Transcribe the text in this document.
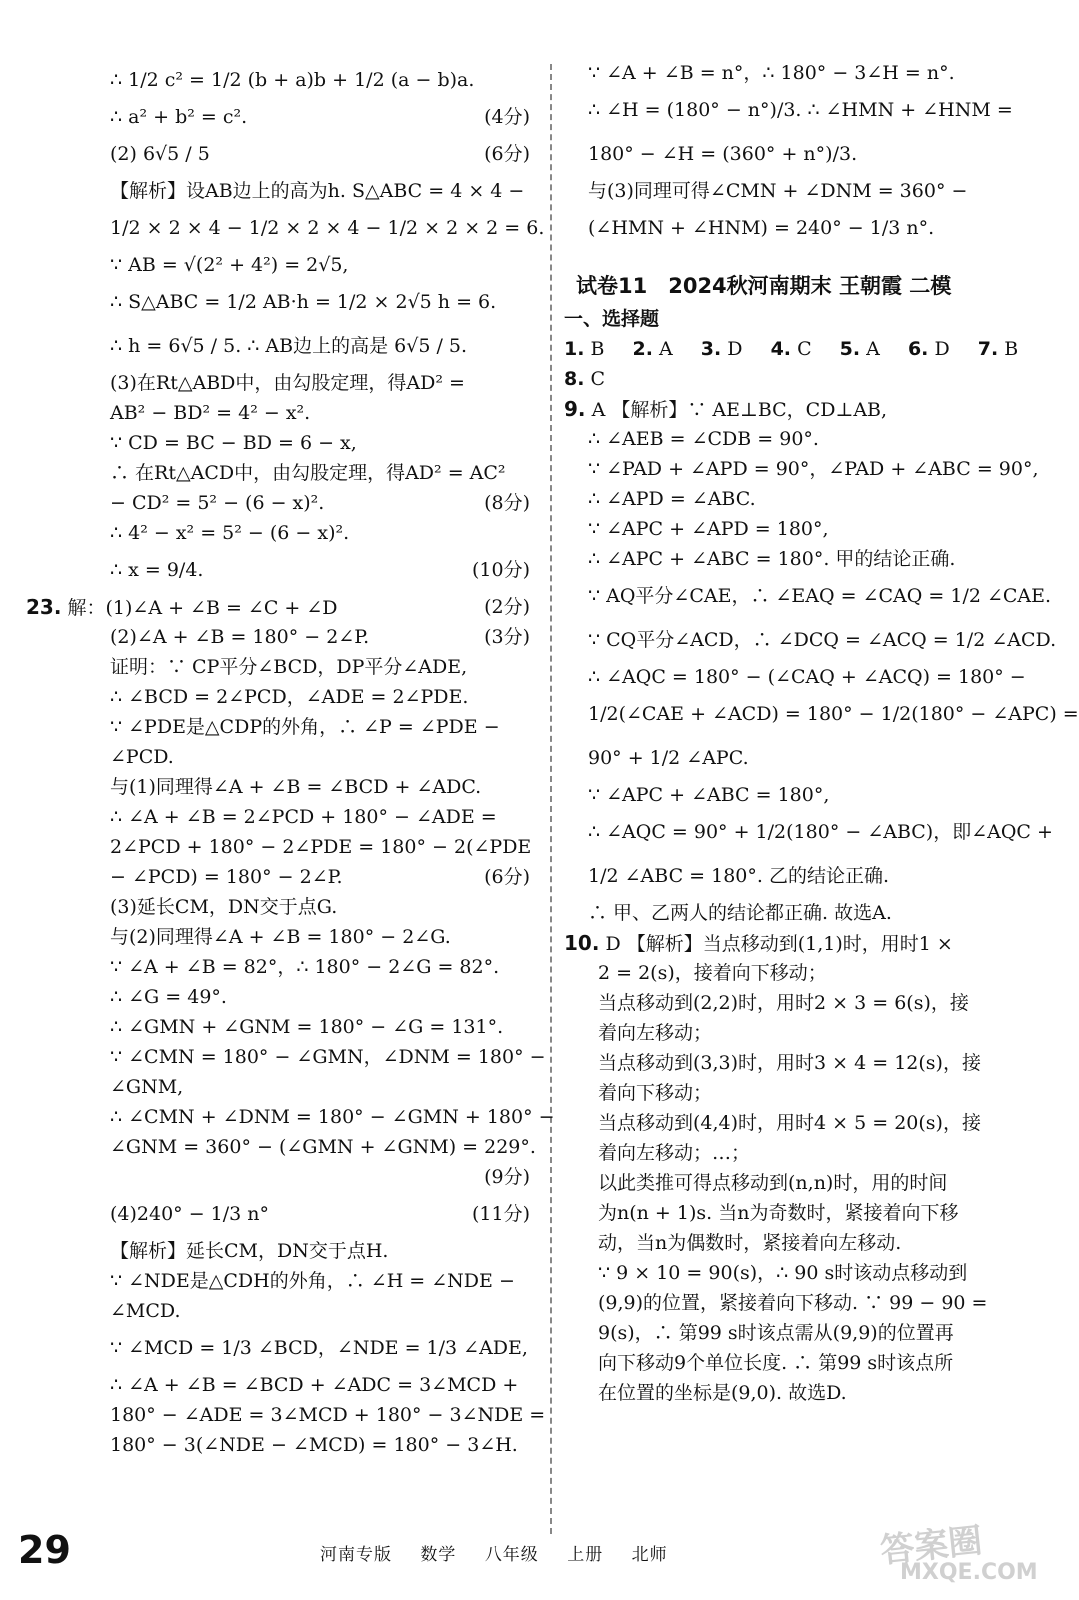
∴ 1/2 c² = 1/2 (b + a)b + 1/2 (a − b)a.
∴ a² + b² = c².	(4分)
(2) 6√5 / 5	(6分)
【解析】设AB边上的高为h. S△ABC = 4 × 4 −
1/2 × 2 × 4 − 1/2 × 2 × 4 − 1/2 × 2 × 2 = 6.
∵ AB = √(2² + 4²) = 2√5,
∴ S△ABC = 1/2 AB·h = 1/2 × 2√5 h = 6.
∴ h = 6√5 / 5. ∴ AB边上的高是 6√5 / 5.
(3)在Rt△ABD中，由勾股定理，得AD² =
AB² − BD² = 4² − x².
∵ CD = BC − BD = 6 − x,
∴ 在Rt△ACD中，由勾股定理，得AD² = AC²
− CD² = 5² − (6 − x)².	(8分)
∴ 4² − x² = 5² − (6 − x)².
∴ x = 9/4.	(10分)
23. 解：(1)∠A + ∠B = ∠C + ∠D	(2分)
(2)∠A + ∠B = 180° − 2∠P.	(3分)
证明：∵ CP平分∠BCD，DP平分∠ADE,
∴ ∠BCD = 2∠PCD，∠ADE = 2∠PDE.
∵ ∠PDE是△CDP的外角，∴ ∠P = ∠PDE −
∠PCD.
与(1)同理得∠A + ∠B = ∠BCD + ∠ADC.
∴ ∠A + ∠B = 2∠PCD + 180° − ∠ADE =
2∠PCD + 180° − 2∠PDE = 180° − 2(∠PDE
− ∠PCD) = 180° − 2∠P.	(6分)
(3)延长CM，DN交于点G.
与(2)同理得∠A + ∠B = 180° − 2∠G.
∵ ∠A + ∠B = 82°，∴ 180° − 2∠G = 82°.
∴ ∠G = 49°.
∴ ∠GMN + ∠GNM = 180° − ∠G = 131°.
∵ ∠CMN = 180° − ∠GMN，∠DNM = 180° −
∠GNM,
∴ ∠CMN + ∠DNM = 180° − ∠GMN + 180° −
∠GNM = 360° − (∠GMN + ∠GNM) = 229°.
(9分)
(4)240° − 1/3 n°	(11分)
【解析】延长CM，DN交于点H.
∵ ∠NDE是△CDH的外角，∴ ∠H = ∠NDE −
∠MCD.
∵ ∠MCD = 1/3 ∠BCD，∠NDE = 1/3 ∠ADE,
∴ ∠A + ∠B = ∠BCD + ∠ADC = 3∠MCD +
180° − ∠ADE = 3∠MCD + 180° − 3∠NDE =
180° − 3(∠NDE − ∠MCD) = 180° − 3∠H.
∵ ∠A + ∠B = n°，∴ 180° − 3∠H = n°.
∴ ∠H = (180° − n°)/3. ∴ ∠HMN + ∠HNM =
180° − ∠H = (360° + n°)/3.
与(3)同理可得∠CMN + ∠DNM = 360° −
(∠HMN + ∠HNM) = 240° − 1/3 n°.
试卷11　2024秋河南期末 王朝霞 二模
一、选择题
1. B 2. A 3. D 4. C 5. A 6. D 7. B
8. C
9. A 【解析】∵ AE⊥BC，CD⊥AB,
∴ ∠AEB = ∠CDB = 90°.
∵ ∠PAD + ∠APD = 90°，∠PAD + ∠ABC = 90°,
∴ ∠APD = ∠ABC.
∵ ∠APC + ∠APD = 180°,
∴ ∠APC + ∠ABC = 180°. 甲的结论正确.
∵ AQ平分∠CAE，∴ ∠EAQ = ∠CAQ = 1/2 ∠CAE.
∵ CQ平分∠ACD，∴ ∠DCQ = ∠ACQ = 1/2 ∠ACD.
∴ ∠AQC = 180° − (∠CAQ + ∠ACQ) = 180° −
1/2(∠CAE + ∠ACD) = 180° − 1/2(180° − ∠APC) =
90° + 1/2 ∠APC.
∵ ∠APC + ∠ABC = 180°,
∴ ∠AQC = 90° + 1/2(180° − ∠ABC)，即∠AQC +
1/2 ∠ABC = 180°. 乙的结论正确.
∴ 甲、乙两人的结论都正确. 故选A.
10. D 【解析】当点移动到(1,1)时，用时1 ×
2 = 2(s)，接着向下移动；
当点移动到(2,2)时，用时2 × 3 = 6(s)，接
着向左移动；
当点移动到(3,3)时，用时3 × 4 = 12(s)，接
着向下移动；
当点移动到(4,4)时，用时4 × 5 = 20(s)，接
着向左移动；…；
以此类推可得点移动到(n,n)时，用的时间
为n(n + 1)s. 当n为奇数时，紧接着向下移
动，当n为偶数时，紧接着向左移动.
∵ 9 × 10 = 90(s)，∴ 90 s时该动点移动到
(9,9)的位置，紧接着向下移动. ∵ 99 − 90 =
9(s)，∴ 第99 s时该点需从(9,9)的位置再
向下移动9个单位长度. ∴ 第99 s时该点所
在位置的坐标是(9,0). 故选D.
29	河南专版 数学 八年级 上册 北师	答案圈
MXQE.COM
